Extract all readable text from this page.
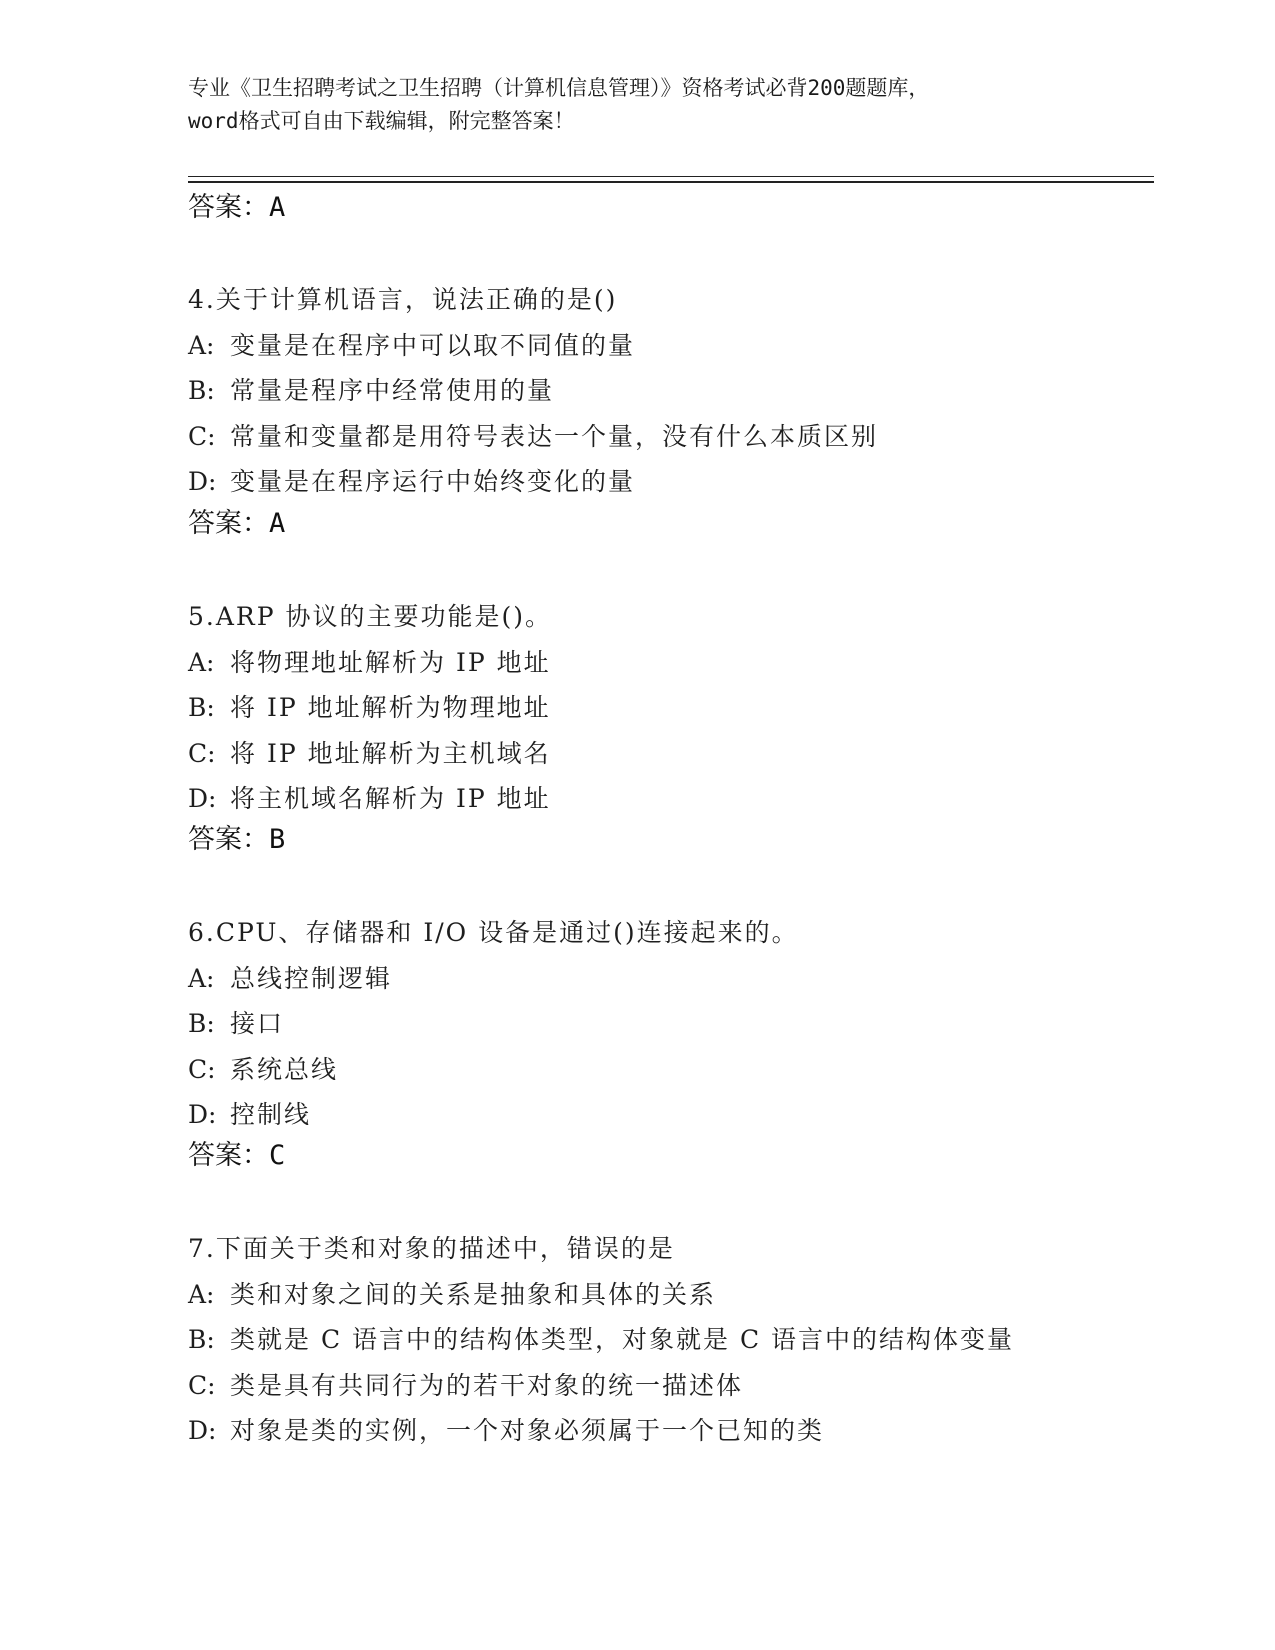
专业《卫生招聘考试之卫生招聘（计算机信息管理）》资格考试必背200题题库，
word格式可自由下载编辑，附完整答案！
答案：A
4.关于计算机语言，说法正确的是()
A: 变量是在程序中可以取不同值的量
B: 常量是程序中经常使用的量
C: 常量和变量都是用符号表达一个量，没有什么本质区别
D: 变量是在程序运行中始终变化的量
答案：A
5.ARP 协议的主要功能是()。
A: 将物理地址解析为 IP 地址
B: 将 IP 地址解析为物理地址
C: 将 IP 地址解析为主机域名
D: 将主机域名解析为 IP 地址
答案：B
6.CPU、存储器和 I/O 设备是通过()连接起来的。
A: 总线控制逻辑
B: 接口
C: 系统总线
D: 控制线
答案：C
7.下面关于类和对象的描述中，错误的是
A: 类和对象之间的关系是抽象和具体的关系
B: 类就是 C 语言中的结构体类型，对象就是 C 语言中的结构体变量
C: 类是具有共同行为的若干对象的统一描述体
D: 对象是类的实例，一个对象必须属于一个已知的类
